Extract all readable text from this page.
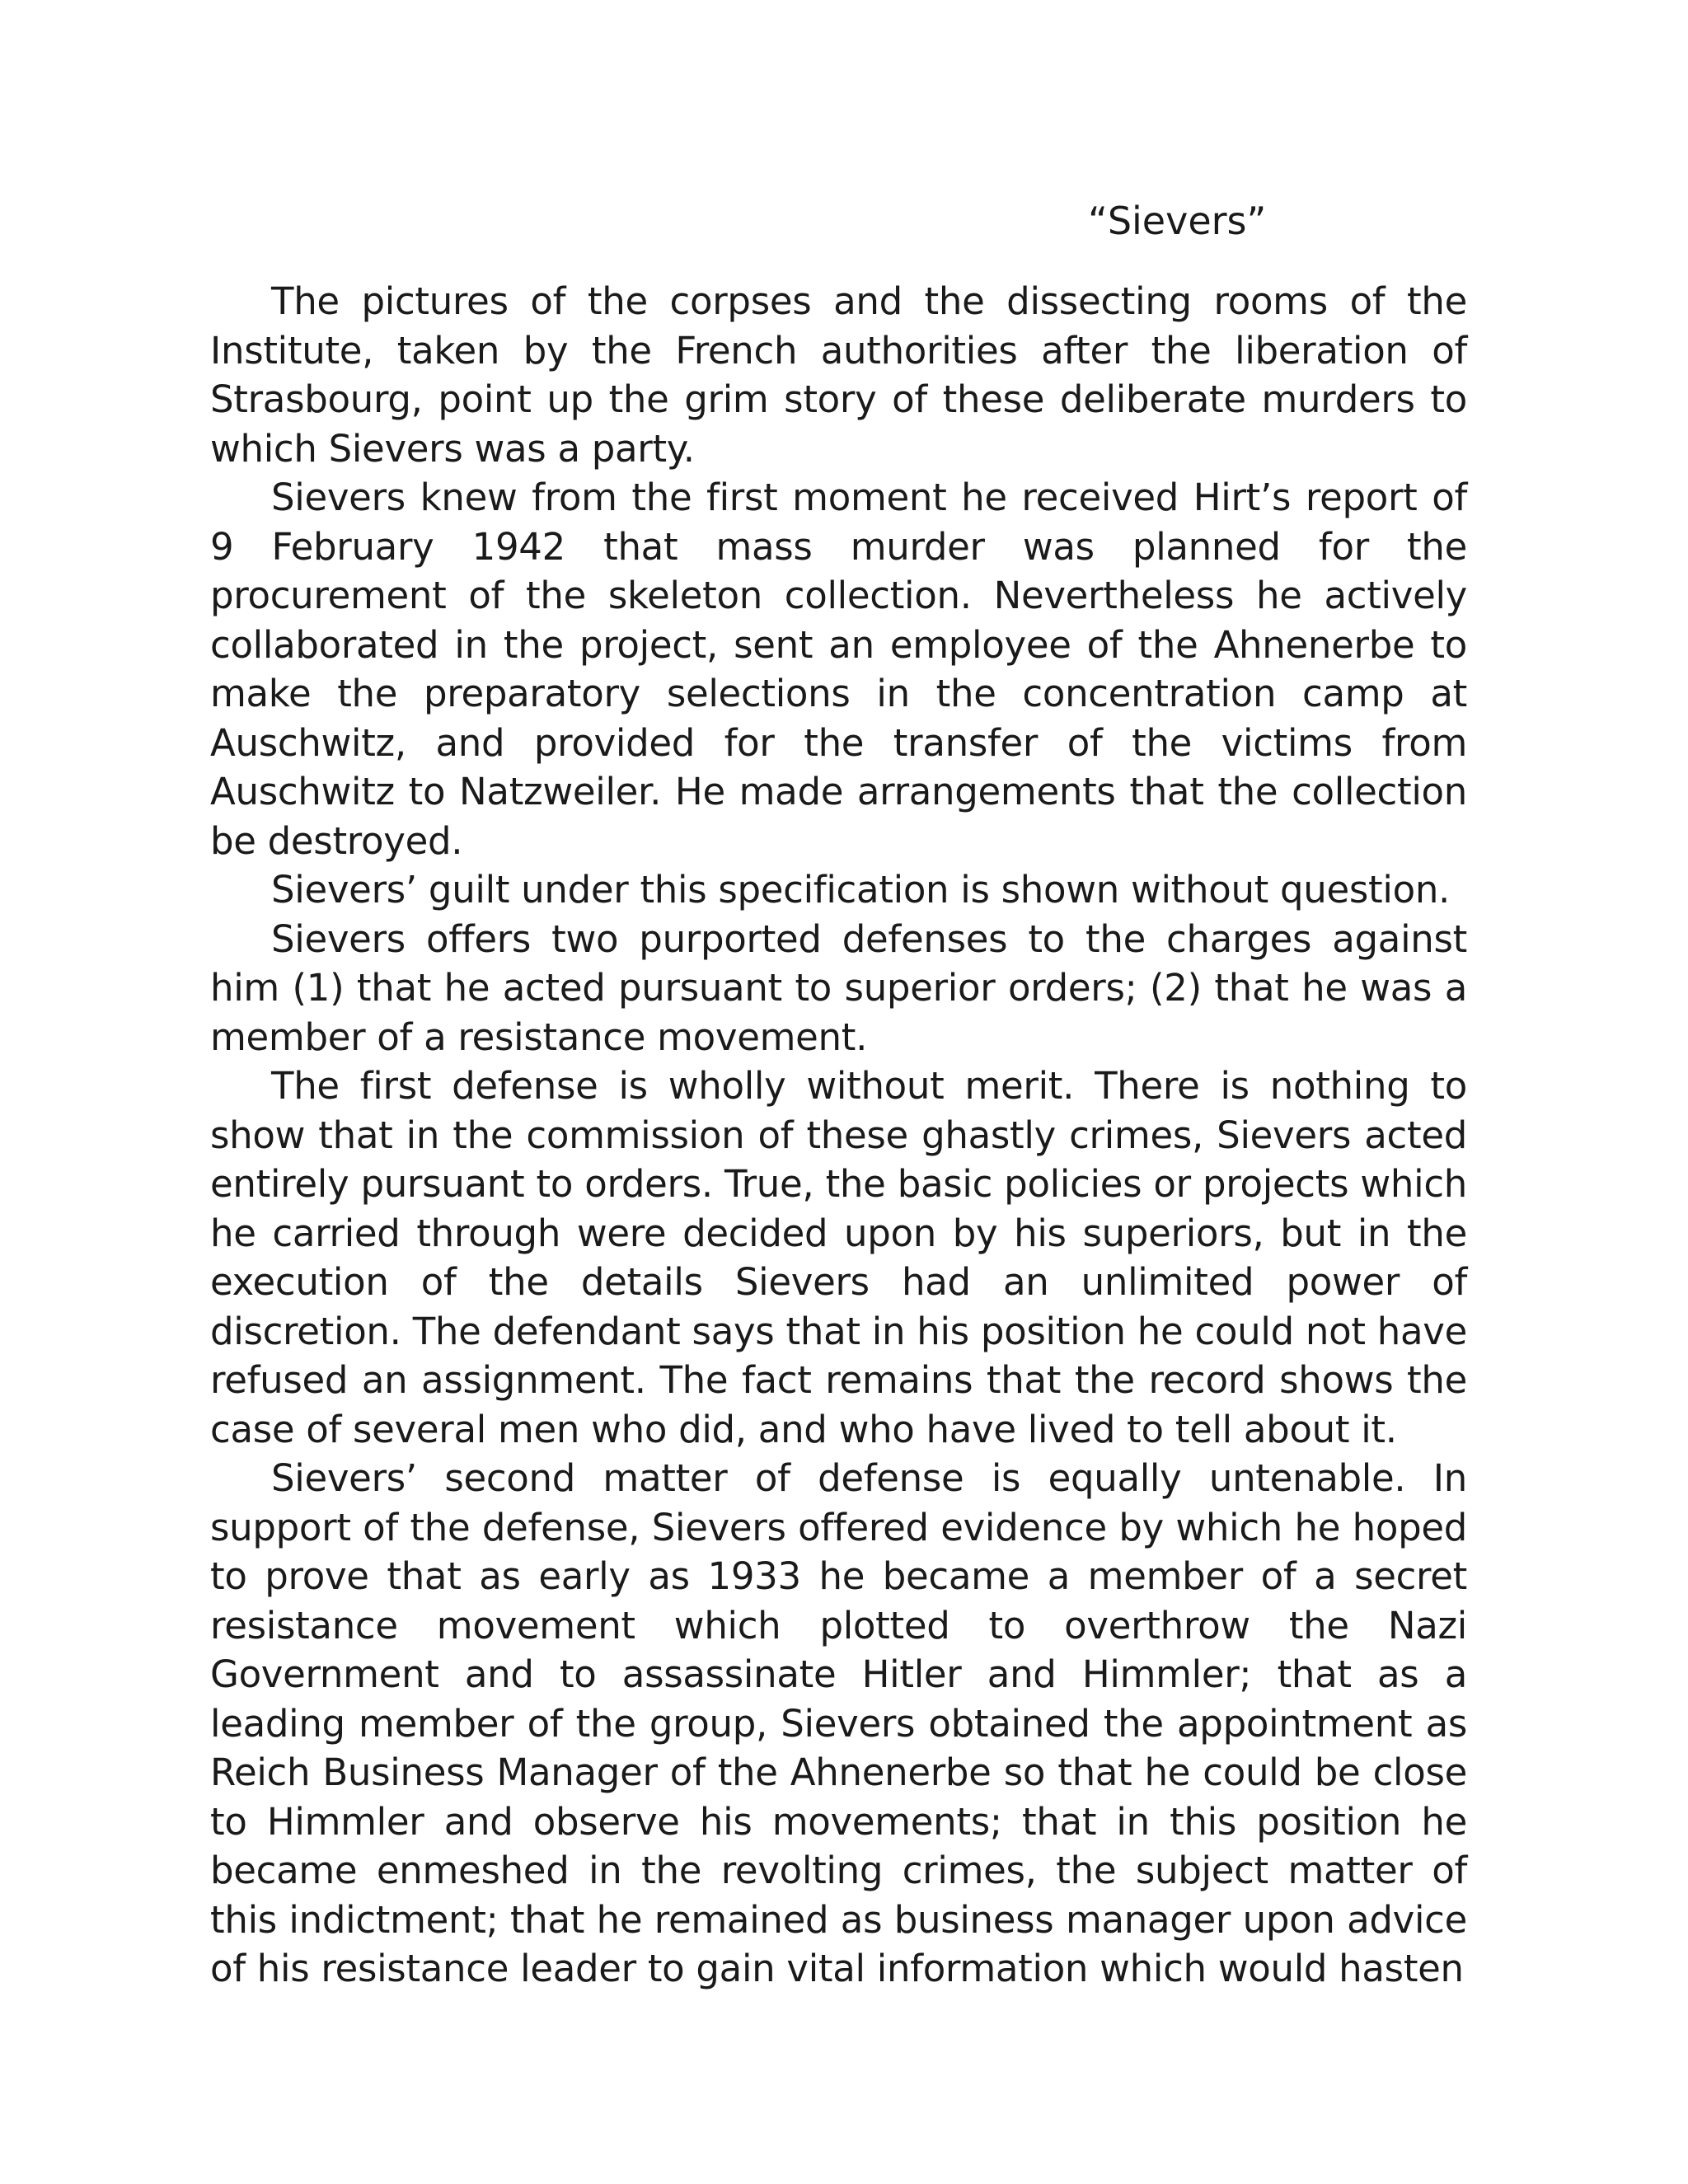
“Sievers”

The pictures of the corpses and the dissecting rooms of the Institute, taken by the French authorities after the liberation of Strasbourg, point up the grim story of these deliberate murders to which Sievers was a party.

Sievers knew from the first moment he received Hirt’s report of 9 February 1942 that mass murder was planned for the procurement of the skeleton collection. Nevertheless he actively collaborated in the project, sent an employee of the Ahnenerbe to make the preparatory selections in the concentration camp at Auschwitz, and provided for the transfer of the victims from Auschwitz to Natzweiler. He made arrangements that the collection be destroyed.

Sievers’ guilt under this specification is shown without question.

Sievers offers two purported defenses to the charges against him (1) that he acted pursuant to superior orders; (2) that he was a member of a resistance movement.

The first defense is wholly without merit. There is nothing to show that in the commission of these ghastly crimes, Sievers acted entirely pursuant to orders. True, the basic policies or projects which he carried through were decided upon by his superiors, but in the execution of the details Sievers had an unlimited power of discretion. The defendant says that in his position he could not have refused an assignment. The fact remains that the record shows the case of several men who did, and who have lived to tell about it.

Sievers’ second matter of defense is equally untenable. In support of the defense, Sievers offered evidence by which he hoped to prove that as early as 1933 he became a member of a secret resistance movement which plotted to overthrow the Nazi Government and to assassinate Hitler and Himmler; that as a leading member of the group, Sievers obtained the appointment as Reich Business Manager of the Ahnenerbe so that he could be close to Himmler and observe his movements; that in this position he became enmeshed in the revolting crimes, the subject matter of this indictment; that he remained as business manager upon advice of his resistance leader to gain vital information which would hasten
